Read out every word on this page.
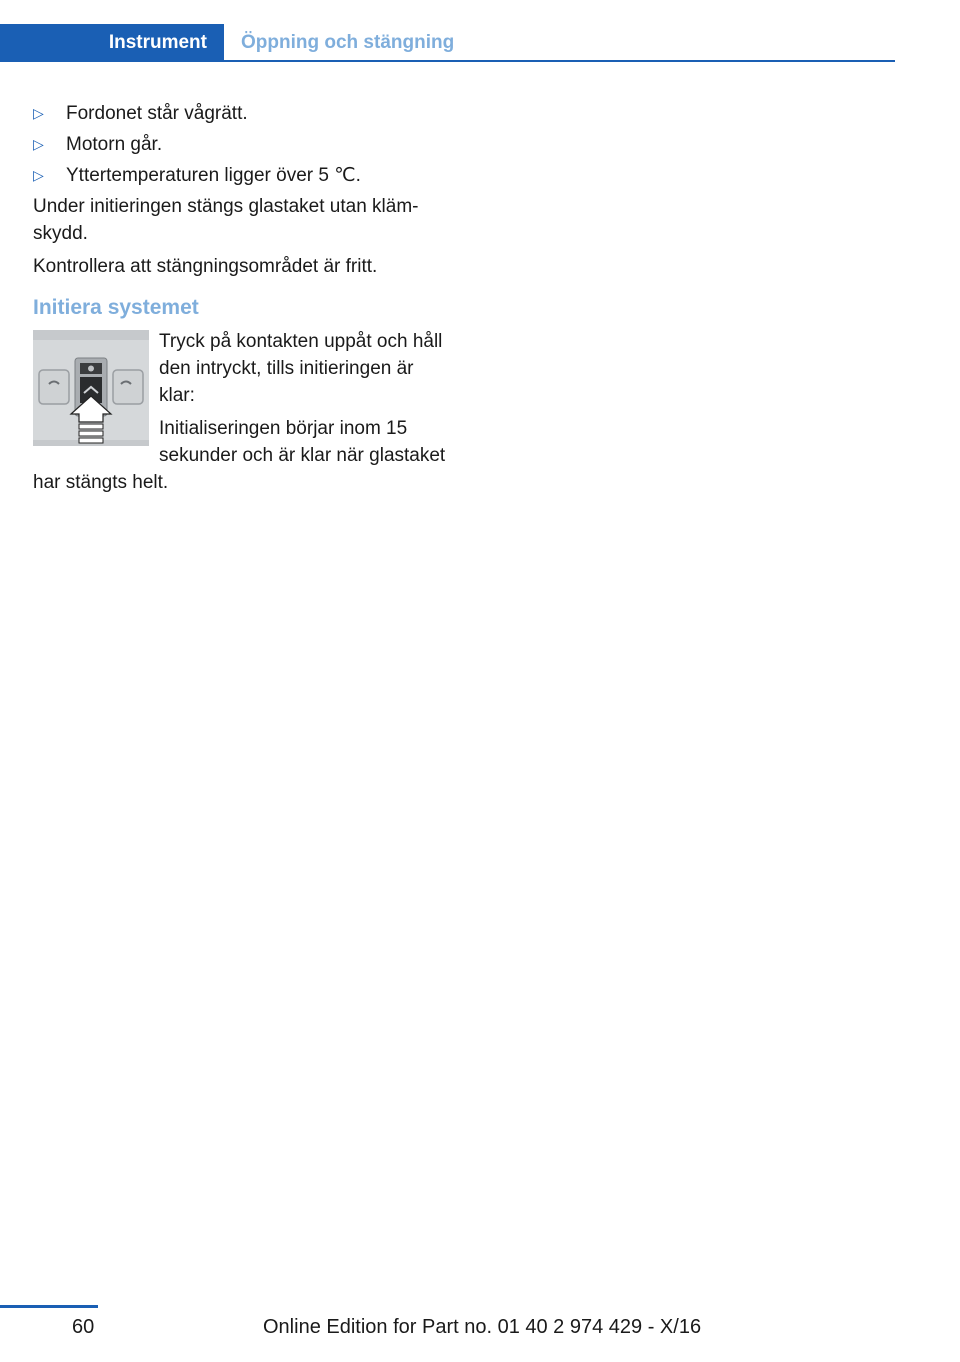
Instrument	Öppning och stängning
▷	Fordonet står vågrätt.
▷	Motorn går.
▷	Yttertemperaturen ligger över 5 ℃.

Under initieringen stängs glastaket utan klämskydd.

Kontrollera att stängningsområdet är fritt.

Initiera systemet

Tryck på kontakten uppåt och håll den intryckt, tills initieringen är klar:

Initialiseringen börjar inom 15 sekunder och är klar när glastaket har stängts helt.

60	Online Edition for Part no. 01 40 2 974 429 - X/16
